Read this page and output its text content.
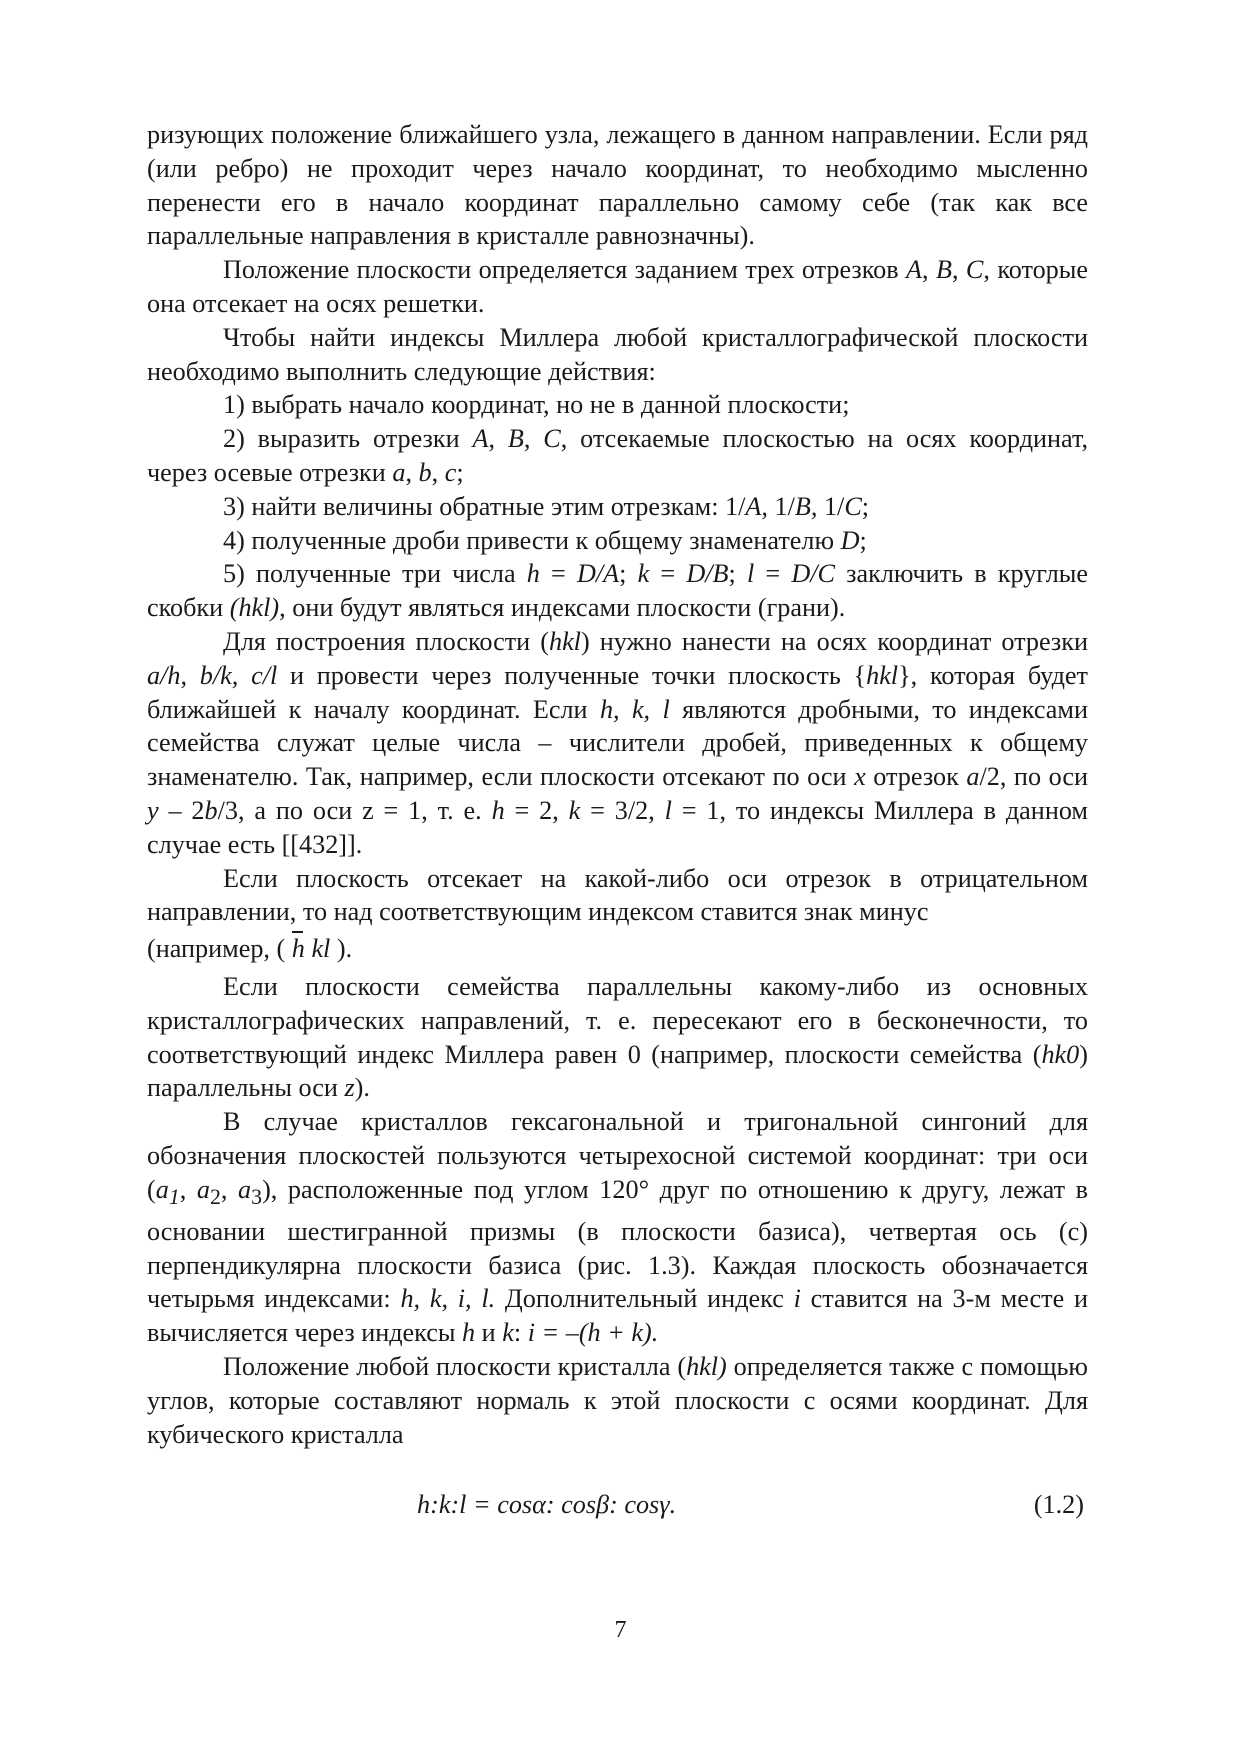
ризующих положение ближайшего узла, лежащего в данном направлении. Если ряд (или ребро) не проходит через начало координат, то необходимо мысленно перенести его в начало координат параллельно самому себе (так как все параллельные направления в кристалле равнозначны).

Положение плоскости определяется заданием трех отрезков A, B, C, которые она отсекает на осях решетки.

Чтобы найти индексы Миллера любой кристаллографической плоскости необходимо выполнить следующие действия:

1) выбрать начало координат, но не в данной плоскости;

2) выразить отрезки A, B, C, отсекаемые плоскостью на осях координат, через осевые отрезки a, b, c;

3) найти величины обратные этим отрезкам: 1/A, 1/B, 1/C;

4) полученные дроби привести к общему знаменателю D;

5) полученные три числа h = D/A; k = D/B; l = D/C заключить в круглые скобки (hkl), они будут являться индексами плоскости (грани).

Для построения плоскости (hkl) нужно нанести на осях координат отрезки a/h, b/k, c/l и провести через полученные точки плоскость {hkl}, которая будет ближайшей к началу координат. Если h, k, l являются дробными, то индексами семейства служат целые числа – числители дробей, приведенных к общему знаменателю. Так, например, если плоскости отсекают по оси x отрезок a/2, по оси y – 2b/3, а по оси z = 1, т. е. h = 2, k = 3/2, l = 1, то индексы Миллера в данном случае есть [[432]].

Если плоскость отсекает на какой-либо оси отрезок в отрицательном направлении, то над соответствующим индексом ставится знак минус

(например, ( h kl ).

Если плоскости семейства параллельны какому-либо из основных кристаллографических направлений, т. е. пересекают его в бесконечности, то соответствующий индекс Миллера равен 0 (например, плоскости семейства (hk0) параллельны оси z).

В случае кристаллов гексагональной и тригональной сингоний для обозначения плоскостей пользуются четырехосной системой координат: три оси ($a_1$, $a_2$, $a_3$), расположенные под углом 120° друг по отношению к другу, лежат в основании шестигранной призмы (в плоскости базиса), четвертая ось (с) перпендикулярна плоскости базиса (рис. 1.3). Каждая плоскость обозначается четырьмя индексами: h, k, i, l. Дополнительный индекс i ставится на 3-м месте и вычисляется через индексы h и k: i = –(h + k).

Положение любой плоскости кристалла (hkl) определяется также с помощью углов, которые составляют нормаль к этой плоскости с осями координат. Для кубического кристалла

h:k:l = cosα: cosβ: cosγ.	(1.2)
7
